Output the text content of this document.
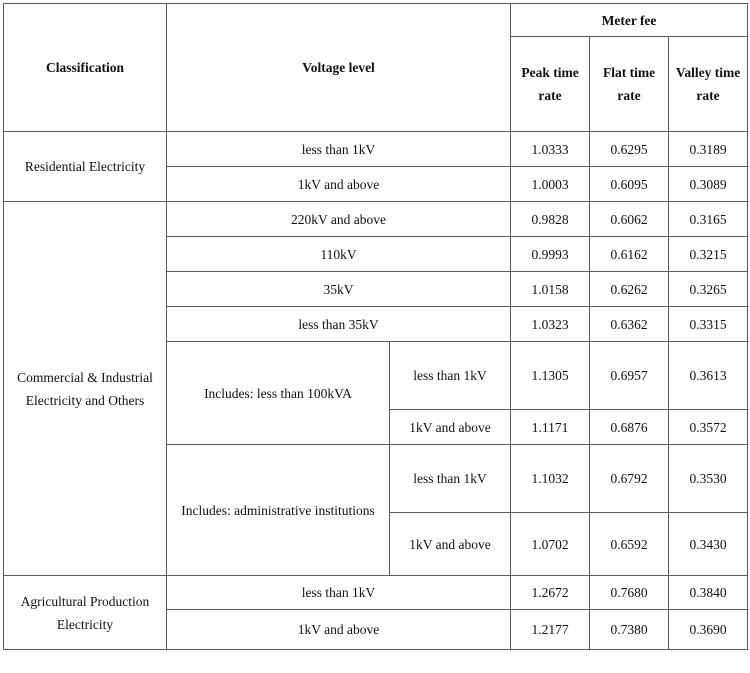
Classification	Voltage level		Meter fee		
			Peak time rate	Flat time rate	Valley time rate
Residential Electricity	less than 1kV		1.0333	0.6295	0.3189
	1kV and above		1.0003	0.6095	0.3089
Commercial & Industrial Electricity and Others	220kV and above		0.9828	0.6062	0.3165
	110kV		0.9993	0.6162	0.3215
	35kV		1.0158	0.6262	0.3265
	less than 35kV		1.0323	0.6362	0.3315
	Includes: less than 100kVA	less than 1kV	1.1305	0.6957	0.3613
		1kV and above	1.1171	0.6876	0.3572
	Includes: administrative institutions	less than 1kV	1.1032	0.6792	0.3530
		1kV and above	1.0702	0.6592	0.3430
Agricultural Production Electricity	less than 1kV		1.2672	0.7680	0.3840
	1kV and above		1.2177	0.7380	0.3690
